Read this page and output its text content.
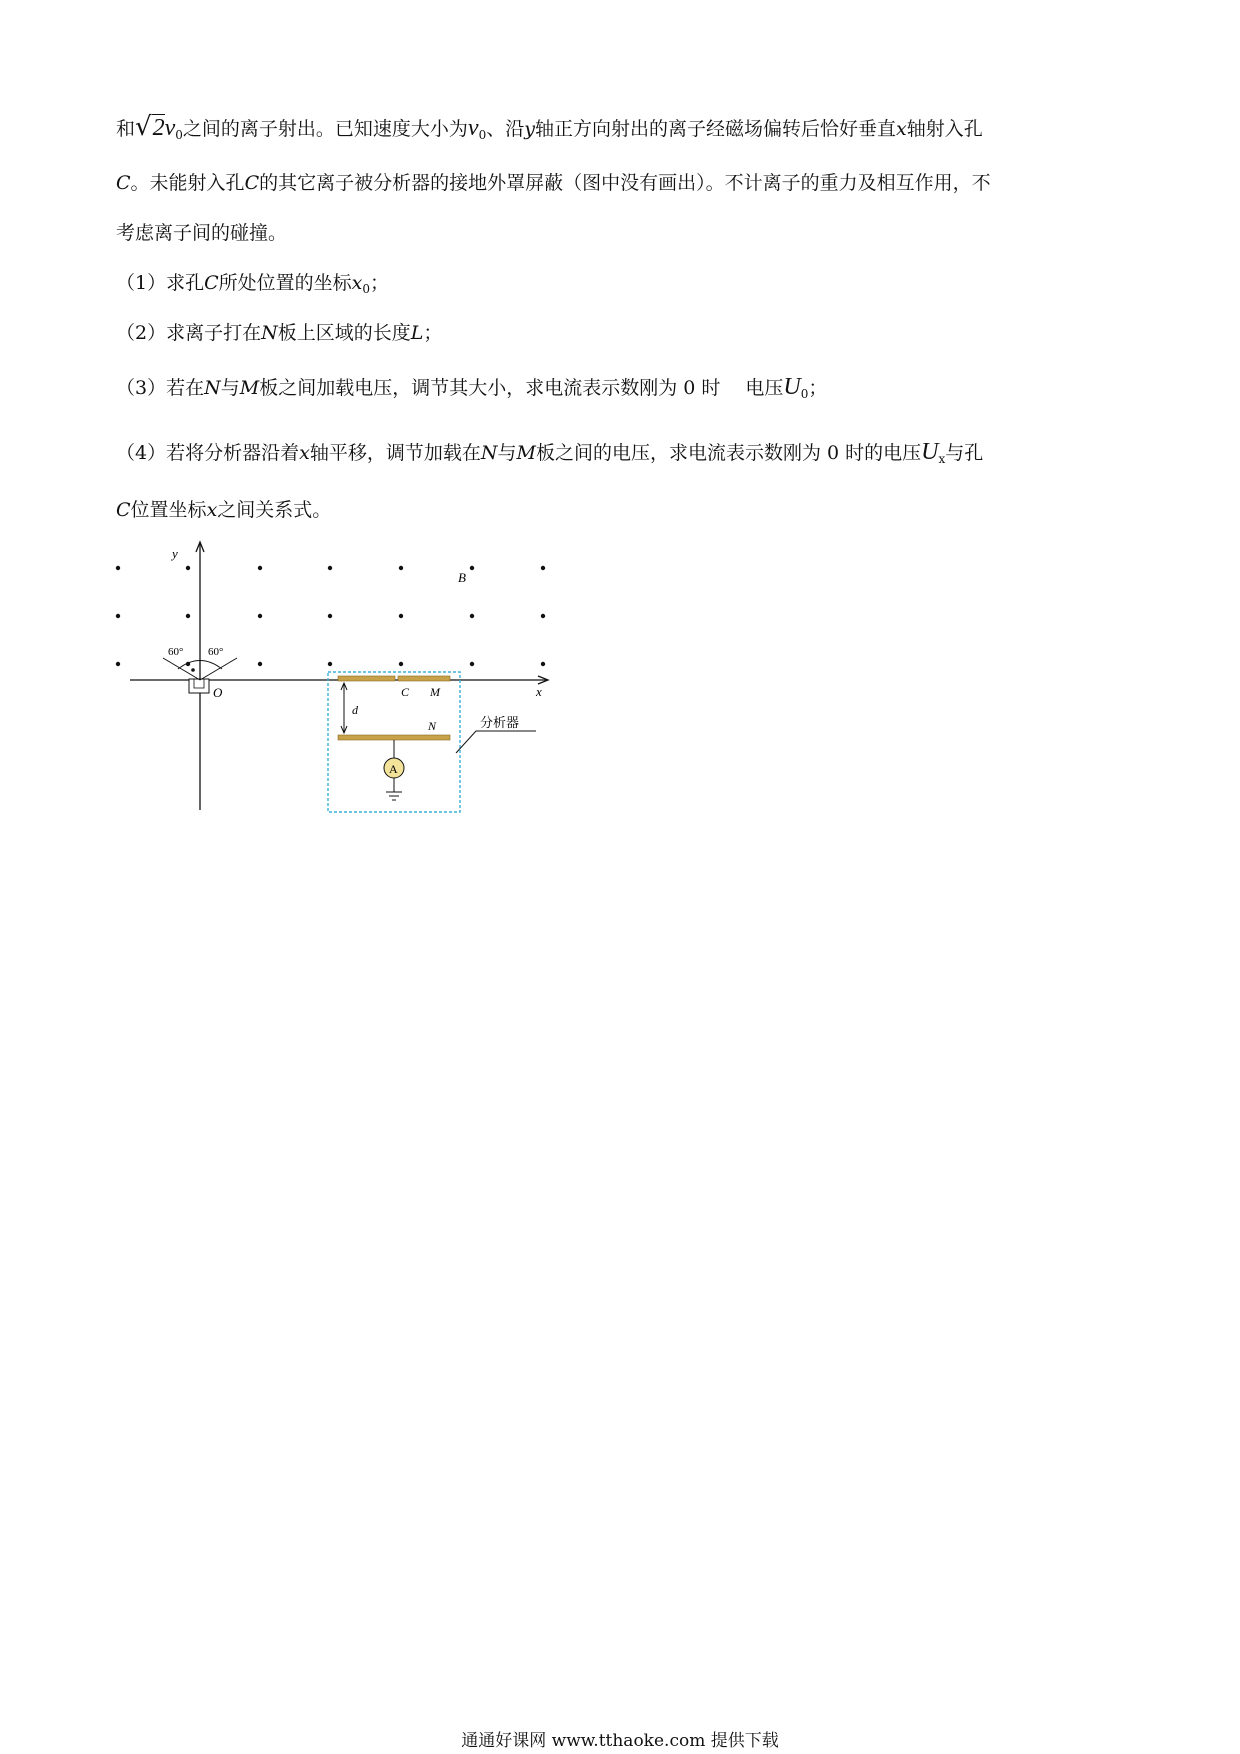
和$√2v_0$之间的离子射出。已知速度大小为$v_0$、沿y轴正方向射出的离子经磁场偏转后恰好垂直x轴射入孔
C。未能射入孔C的其它离子被分析器的接地外罩屏蔽（图中没有画出）。不计离子的重力及相互作用，不
考虑离子间的碰撞。
（1）求孔C所处位置的坐标$x_0$；
（2）求离子打在N板上区域的长度L；
（3）若在N与M板之间加载电压，调节其大小，求电流表示数刚为 0 时　 电压$U_0$；
（4）若将分析器沿着x轴平移，调节加载在N与M板之间的电压，求电流表示数刚为 0 时的电压$U_x$与孔
C位置坐标x之间关系式。
y
x
O
60° 60°
B
C M
N
d
A
分析器
通通好课网 www.tthaoke.com 提供下载
